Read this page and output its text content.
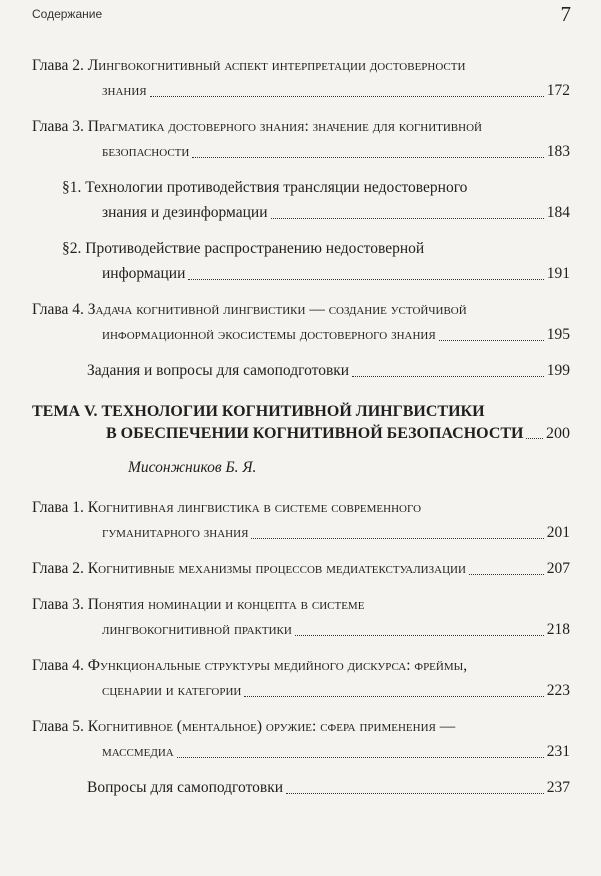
Содержание	7
Глава 2. Лингвокогнитивный аспект интерпретации достоверности
знания	172
Глава 3. Прагматика достоверного знания: значение для когнитивной
безопасности	183
§1. Технологии противодействия трансляции недостоверного
знания и дезинформации	184
§2. Противодействие распространению недостоверной
информации	191
Глава 4. Задача когнитивной лингвистики — создание устойчивой
информационной экосистемы достоверного знания	195
Задания и вопросы для самоподготовки	199
ТЕМА V. ТЕХНОЛОГИИ КОГНИТИВНОЙ ЛИНГВИСТИКИ
В ОБЕСПЕЧЕНИИ КОГНИТИВНОЙ БЕЗОПАСНОСТИ 200
Мисонжников Б. Я.
Глава 1. Когнитивная лингвистика в системе современного
гуманитарного знания	201
Глава 2.
Когнитивные механизмы процессов медиатекстуализации	207
Глава 3. Понятия номинации и концепта в системе
лингвокогнитивной практики	218
Глава 4. Функциональные структуры медийного дискурса: фреймы,
сценарии и категории	223
Глава 5. Когнитивное (ментальное) оружие: сфера применения —
массмедиа	231
Вопросы для самоподготовки	237
